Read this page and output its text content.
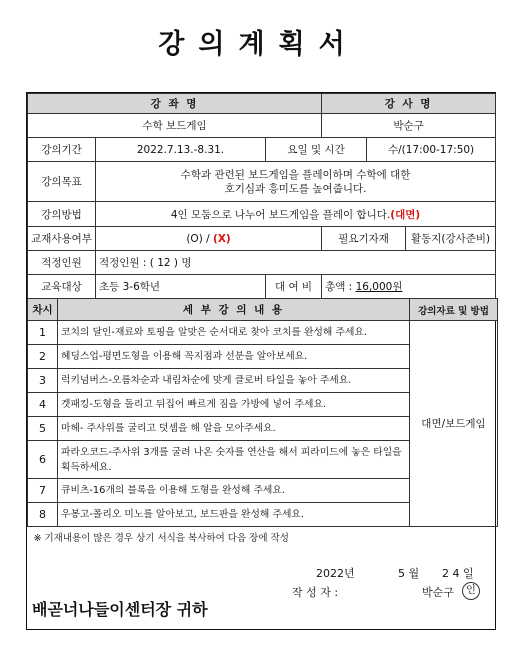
강의계획서
강 좌 명			강 사 명		
수학 보드게임			박순구		
강의기간	2022.7.13.-8.31.	요일 및 시간		수/(17:00-17:50)	
강의목표	수학과 관련된 보드게임을 플레이하며 수학에 대한
호기심과 흥미도를 높여줍니다.				

강의방법	4인 모둠으로 나누어 보드게임을 플레이 합니다.(대면)				
교재사용여부	(O) / (X)		필요기자재		활동지(강사준비)
적정인원	적정인원 : ( 12 ) 명				
교육대상	초등 3-6학년	대 여 비	총액 : 16,000원		
차시	세 부 강 의 내 용	강의자료 및 방법
1	코치의 달인-재료와 토핑을 알맞은 순서대로 찾아 코치를 완성해 주세요.	대면/보드게임
2	헤딩스업-평면도형을 이용해 꼭지점과 선분을 알아보세요.	
3	럭키넘버스-오름차순과 내림차순에 맞게 클로버 타일을 놓아 주세요.	
4	겟패킹-도형을 돌리고 뒤집어 빠르게 짐을 가방에 넣어 주세요.	
5	마헤- 주사위를 굴리고 덧셈을 해 알을 모아주세요.	
6	파라오코드-주사위 3개를 굴려 나온 숫자를 연산을 해서 피라미드에 놓은 타일을 획득하세요.	
7	큐비츠-16개의 블록을 이용해 도형을 완성해 주세요.	
8	우봉고-폴리오 미노를 알아보고, 보드판을 완성해 주세요.	
※ 기재내용이 많은 경우 상기 서식을 복사하여 다음 장에 작성		
2022년	5 월 2 4 일
작 성 자 :	박순구	인
배곧너나들이센터장 귀하
